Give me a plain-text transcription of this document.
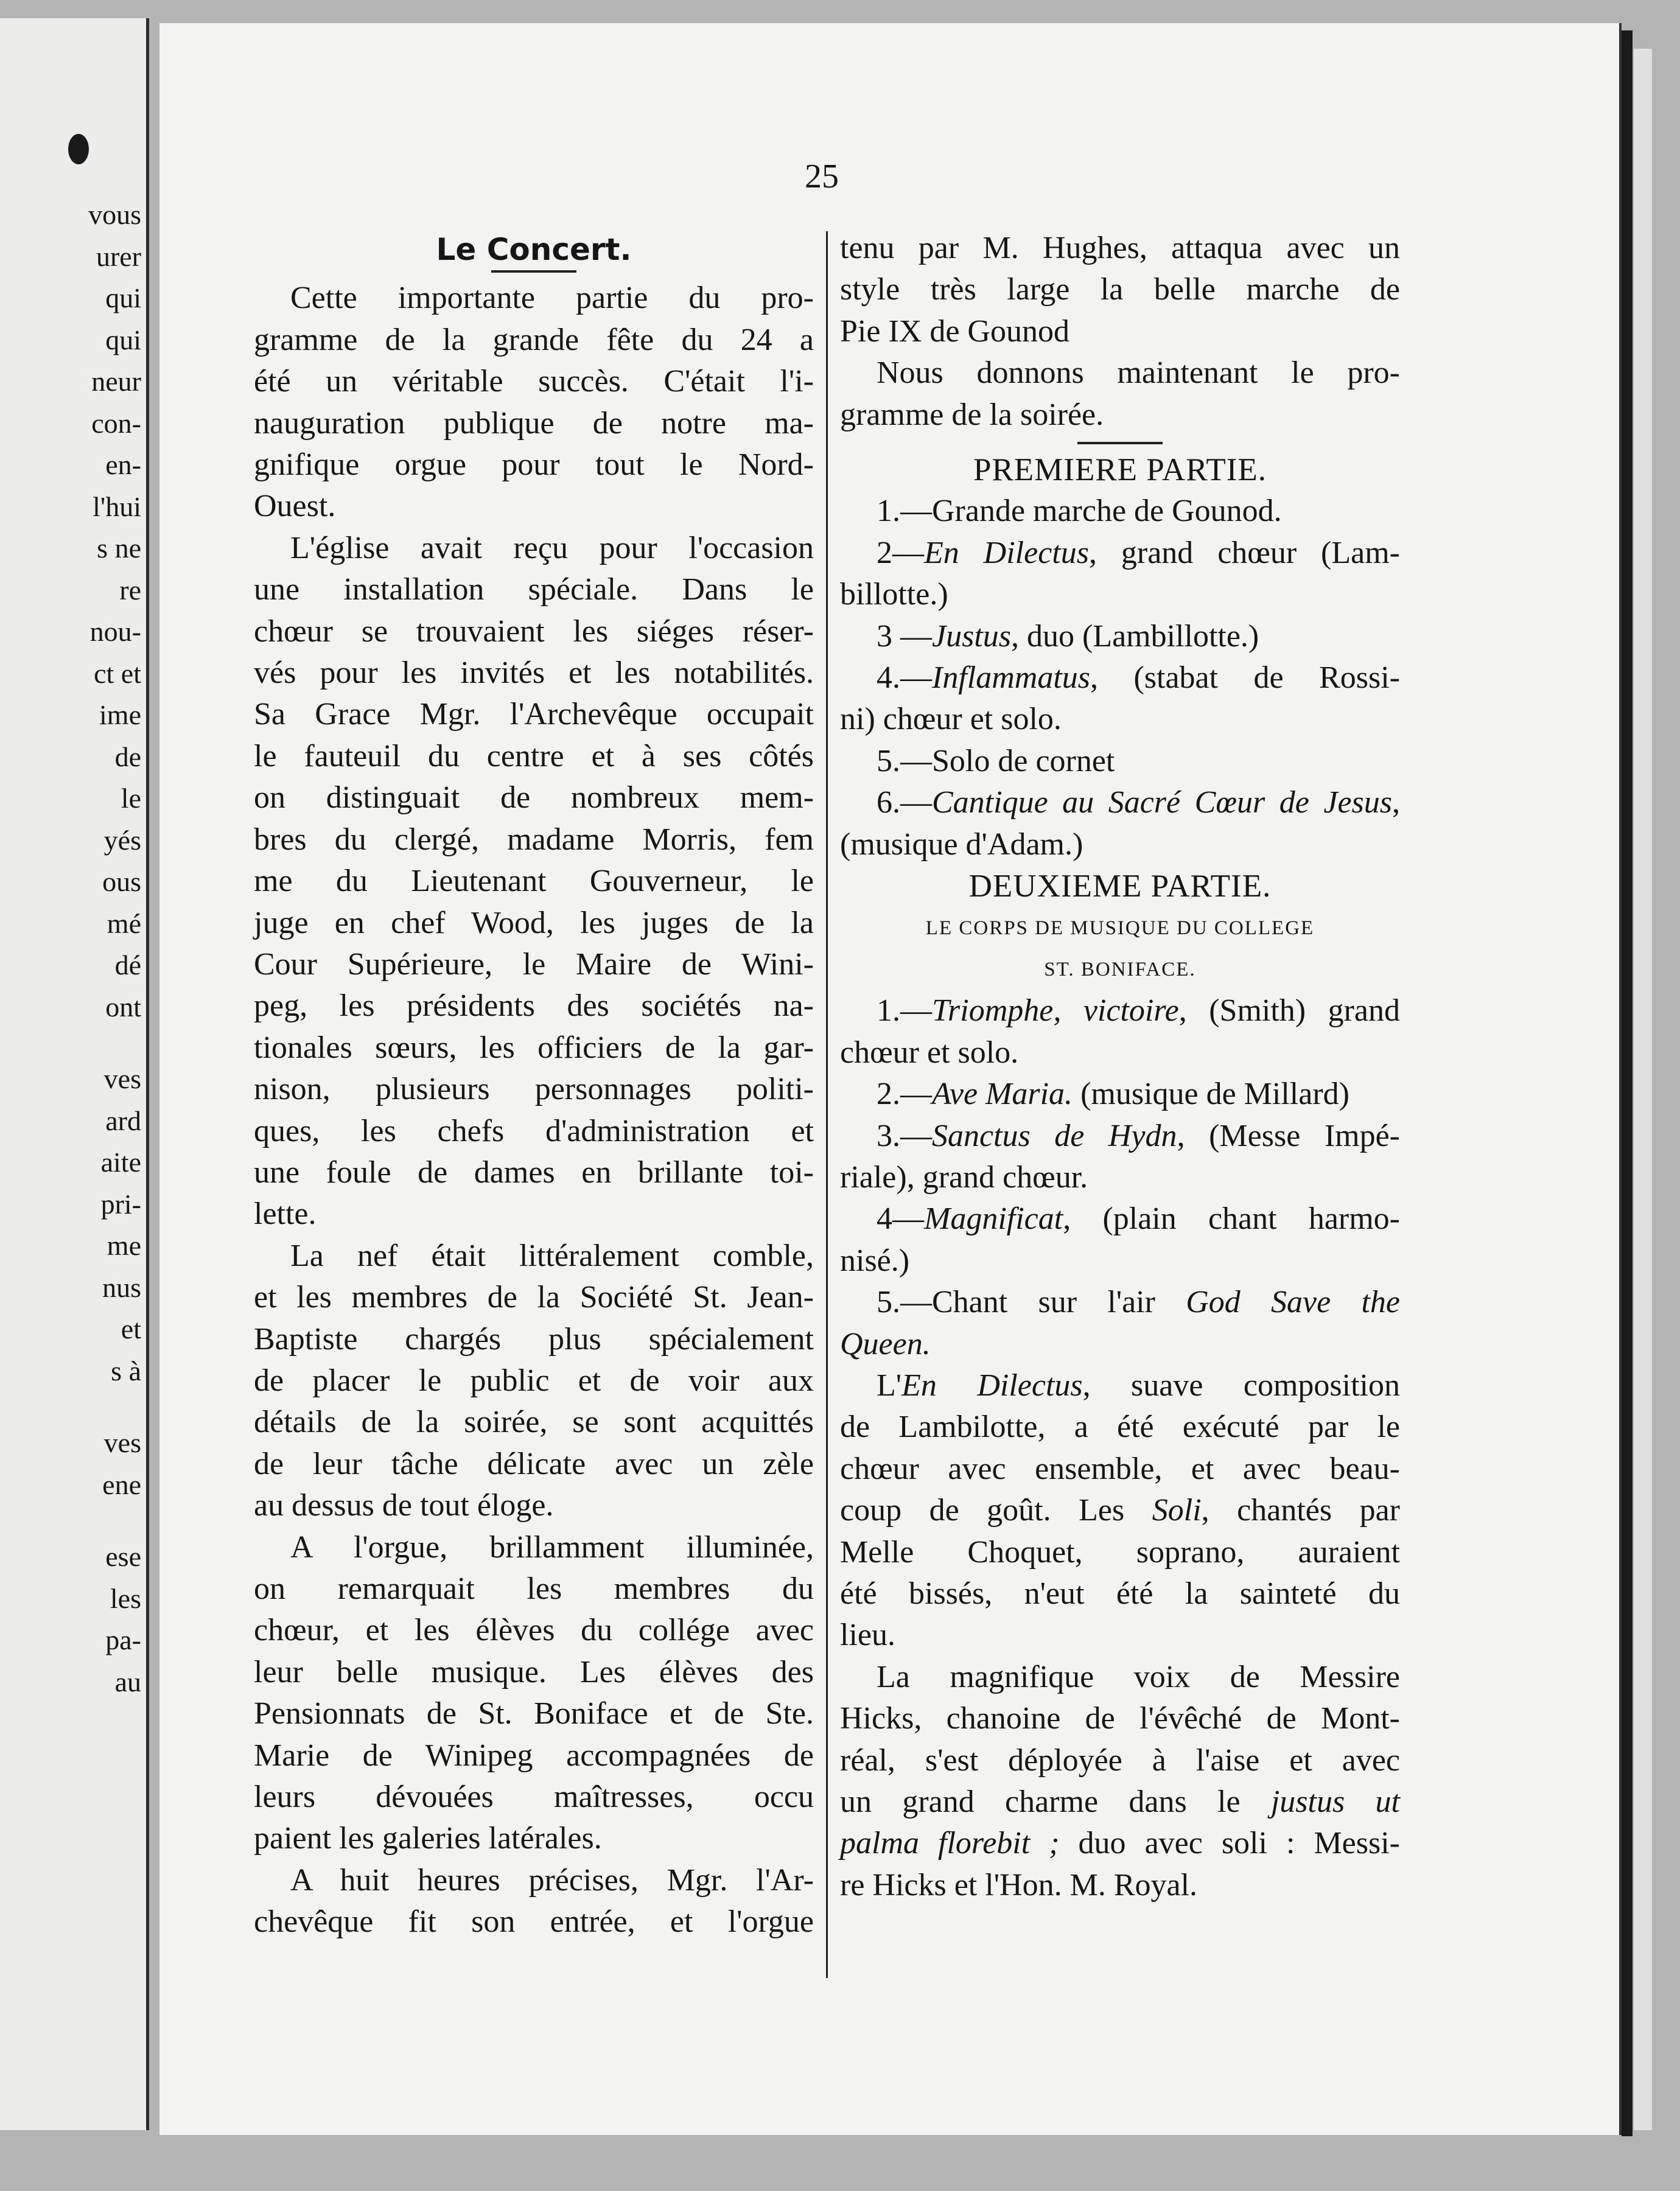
vous
urer
qui
qui
neur
con-
en-
l'hui
s ne
re
nou-
ct et
ime
de
le
yés
ous
mé
dé
ont
ves
ard
aite
pri-
me
nus
et
s à
ves
ene
ese
les
pa-
au
25

Le Concert.

Cette importante partie du pro-

gramme de la grande fête du 24 a

été un véritable succès. C'était l'i-

nauguration publique de notre ma-

gnifique orgue pour tout le Nord-

Ouest.

L'église avait reçu pour l'occasion

une installation spéciale. Dans le

chœur se trouvaient les siéges réser-

vés pour les invités et les notabilités.

Sa Grace Mgr. l'Archevêque occupait

le fauteuil du centre et à ses côtés

on distinguait de nombreux mem-

bres du clergé, madame Morris, fem

me du Lieutenant Gouverneur, le

juge en chef Wood, les juges de la

Cour Supérieure, le Maire de Wini-

peg, les présidents des sociétés na-

tionales sœurs, les officiers de la gar-

nison, plusieurs personnages politi-

ques, les chefs d'administration et

une foule de dames en brillante toi-

lette.

La nef était littéralement comble,

et les membres de la Société St. Jean-

Baptiste chargés plus spécialement

de placer le public et de voir aux

détails de la soirée, se sont acquittés

de leur tâche délicate avec un zèle

au dessus de tout éloge.

A l'orgue, brillamment illuminée,

on remarquait les membres du

chœur, et les élèves du collége avec

leur belle musique. Les élèves des

Pensionnats de St. Boniface et de Ste.

Marie de Winipeg accompagnées de

leurs dévouées maîtresses, occu

paient les galeries latérales.

A huit heures précises, Mgr. l'Ar-

chevêque fit son entrée, et l'orgue

tenu par M. Hughes, attaqua avec un

style très large la belle marche de

Pie IX de Gounod

Nous donnons maintenant le pro-

gramme de la soirée.

PREMIERE PARTIE.

1.—Grande marche de Gounod.

2—En Dilectus, grand chœur (Lam-

billotte.)

3 —Justus, duo (Lambillotte.)

4.—Inflammatus, (stabat de Rossi-

ni) chœur et solo.

5.—Solo de cornet

6.—Cantique au Sacré Cœur de Jesus,

(musique d'Adam.)

DEUXIEME PARTIE.

LE CORPS DE MUSIQUE DU COLLEGE

ST. BONIFACE.

1.—Triomphe, victoire, (Smith) grand

chœur et solo.

2.—Ave Maria. (musique de Millard)

3.—Sanctus de Hydn, (Messe Impé-

riale), grand chœur.

4—Magnificat, (plain chant harmo-

nisé.)

5.—Chant sur l'air God Save the

Queen.

L'En Dilectus, suave composition

de Lambilotte, a été exécuté par le

chœur avec ensemble, et avec beau-

coup de goût. Les Soli, chantés par

Melle Choquet, soprano, auraient

été bissés, n'eut été la sainteté du

lieu.

La magnifique voix de Messire

Hicks, chanoine de l'évêché de Mont-

réal, s'est déployée à l'aise et avec

un grand charme dans le justus ut

palma florebit ; duo avec soli : Messi-

re Hicks et l'Hon. M. Royal.
